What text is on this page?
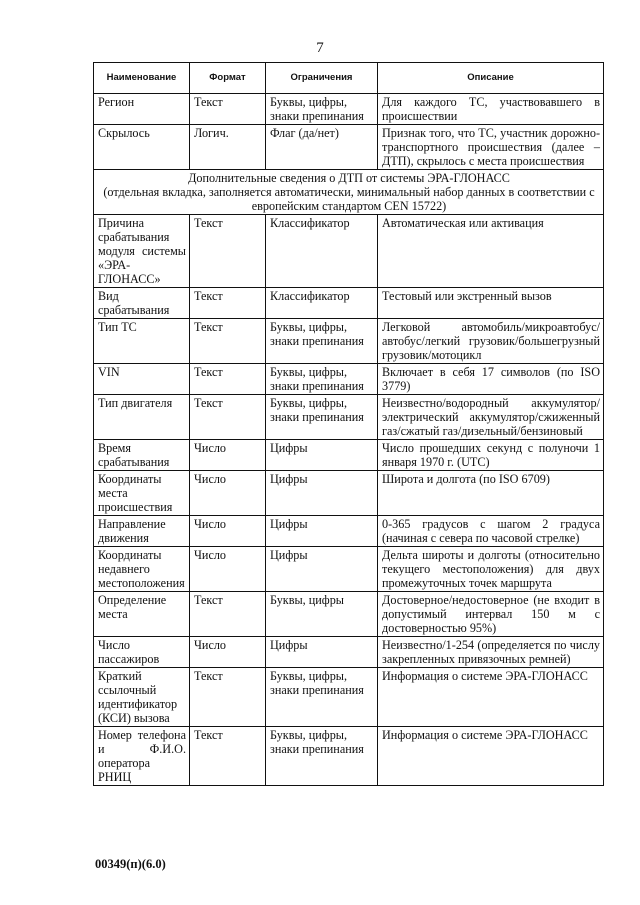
7
Наименование	Формат	Ограничения	Описание
Регион	Текст	Буквы, цифры, знаки препинания	Для каждого ТС, участвовавшего в происшествии
Скрылось	Логич.	Флаг (да/нет)	Признак того, что ТС, участник дорожно-транспортного происшествия (далее – ДТП), скрылось с места происшествия

Дополнительные сведения о ДТП от системы ЭРА-ГЛОНАСС
(отдельная вкладка, заполняется автоматически, минимальный набор данных в соответствии с европейским стандартом CEN 15722)			

Причина срабатывания модуля системы «ЭРА-ГЛОНАСС»	Текст	Классификатор	Автоматическая или активация
Вид срабатывания	Текст	Классификатор	Тестовый или экстренный вызов
Тип ТС	Текст	Буквы, цифры, знаки препинания	Легковой автомобиль/микроавтобус/автобус/легкий грузовик/большегрузный грузовик/мотоцикл
VIN	Текст	Буквы, цифры, знаки препинания	Включает в себя 17 символов (по ISO 3779)
Тип двигателя	Текст	Буквы, цифры, знаки препинания	Неизвестно/водородный аккумулятор/электрический аккумулятор/сжиженный газ/сжатый газ/дизельный/бензиновый
Время срабатывания	Число	Цифры	Число прошедших секунд с полуночи 1 января 1970 г. (UTC)
Координаты места происшествия	Число	Цифры	Широта и долгота (по ISO 6709)
Направление движения	Число	Цифры	0-365 градусов с шагом 2 градуса (начиная с севера по часовой стрелке)
Координаты недавнего местоположения	Число	Цифры	Дельта широты и долготы (относительно текущего местоположения) для двух промежуточных точек маршрута
Определение места	Текст	Буквы, цифры	Достоверное/недостоверное (не входит в допустимый интервал 150 м с достоверностью 95%)
Число пассажиров	Число	Цифры	Неизвестно/1-254 (определяется по числу закрепленных привязочных ремней)
Краткий ссылочный идентификатор (КСИ) вызова	Текст	Буквы, цифры, знаки препинания	Информация о системе ЭРА-ГЛОНАСС
Номер телефона и Ф.И.О. оператора РНИЦ	Текст	Буквы, цифры, знаки препинания	Информация о системе ЭРА-ГЛОНАСС
00349(п)(6.0)
